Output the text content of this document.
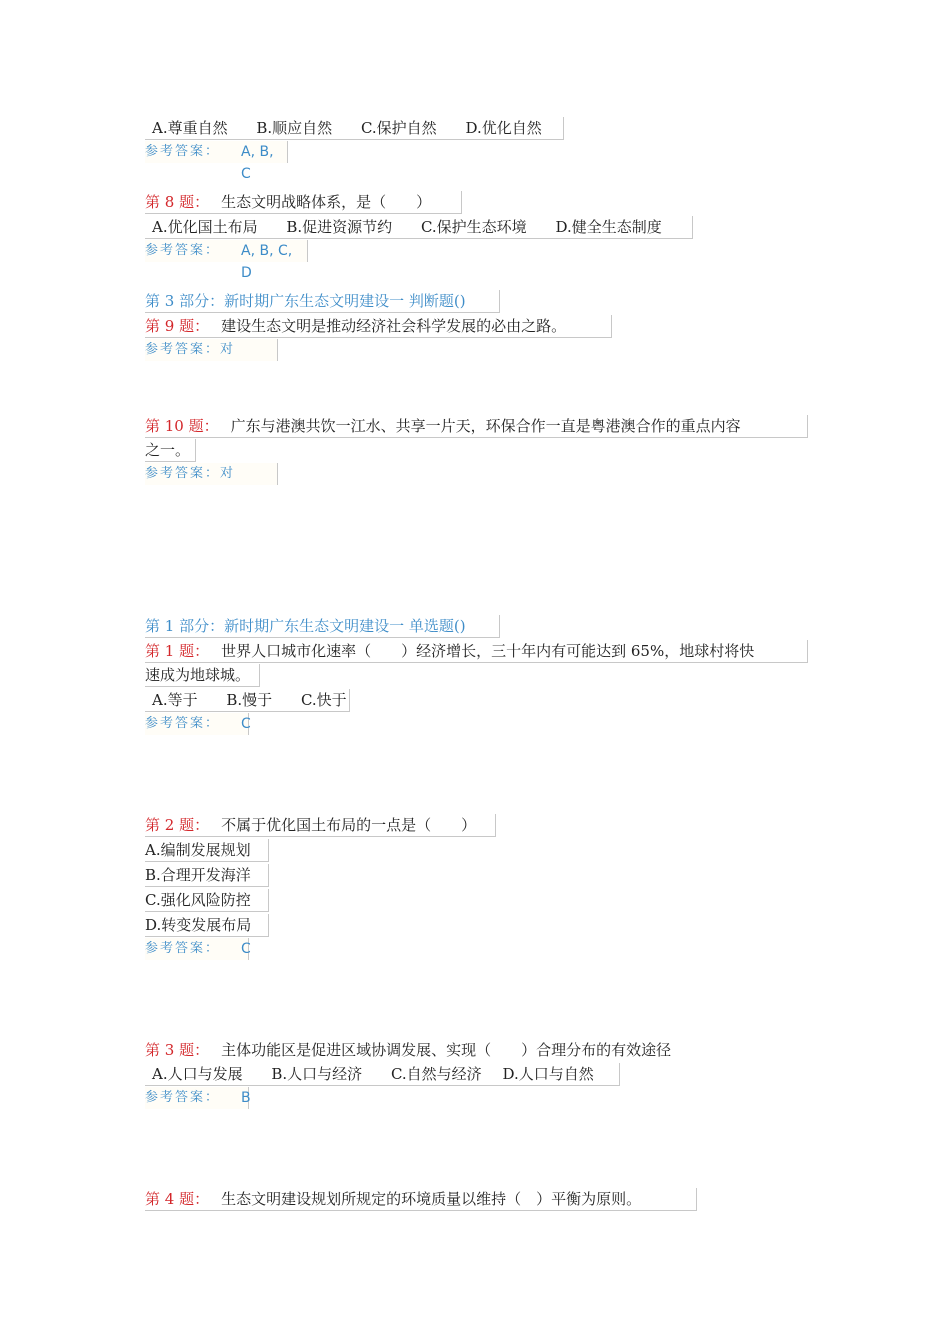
A.尊重自然 B.顺应自然 C.保护自然 D.优化自然
参考答案： A, B, C
第 8 题： 生态文明战略体系，是（　　）
A.优化国土布局 B.促进资源节约 C.保护生态环境 D.健全生态制度
参考答案： A, B, C, D
第 3 部分：新时期广东生态文明建设一 判断题()
第 9 题： 建设生态文明是推动经济社会科学发展的必由之路。
参考答案：对
第 10 题： 广东与港澳共饮一江水、共享一片天，环保合作一直是粤港澳合作的重点内容
之一。
参考答案：对
第 1 部分：新时期广东生态文明建设一 单选题()
第 1 题： 世界人口城市化速率（　　）经济增长，三十年内有可能达到 65%，地球村将快
速成为地球城。
A.等于 B.慢于 C.快于
参考答案： C
第 2 题： 不属于优化国土布局的一点是（　　）
A.编制发展规划
B.合理开发海洋
C.强化风险防控
D.转变发展布局
参考答案： C
第 3 题： 主体功能区是促进区域协调发展、实现（　　）合理分布的有效途径
A.人口与发展 B.人口与经济 C.自然与经济 D.人口与自然
参考答案： B
第 4 题： 生态文明建设规划所规定的环境质量以维持（　）平衡为原则。
